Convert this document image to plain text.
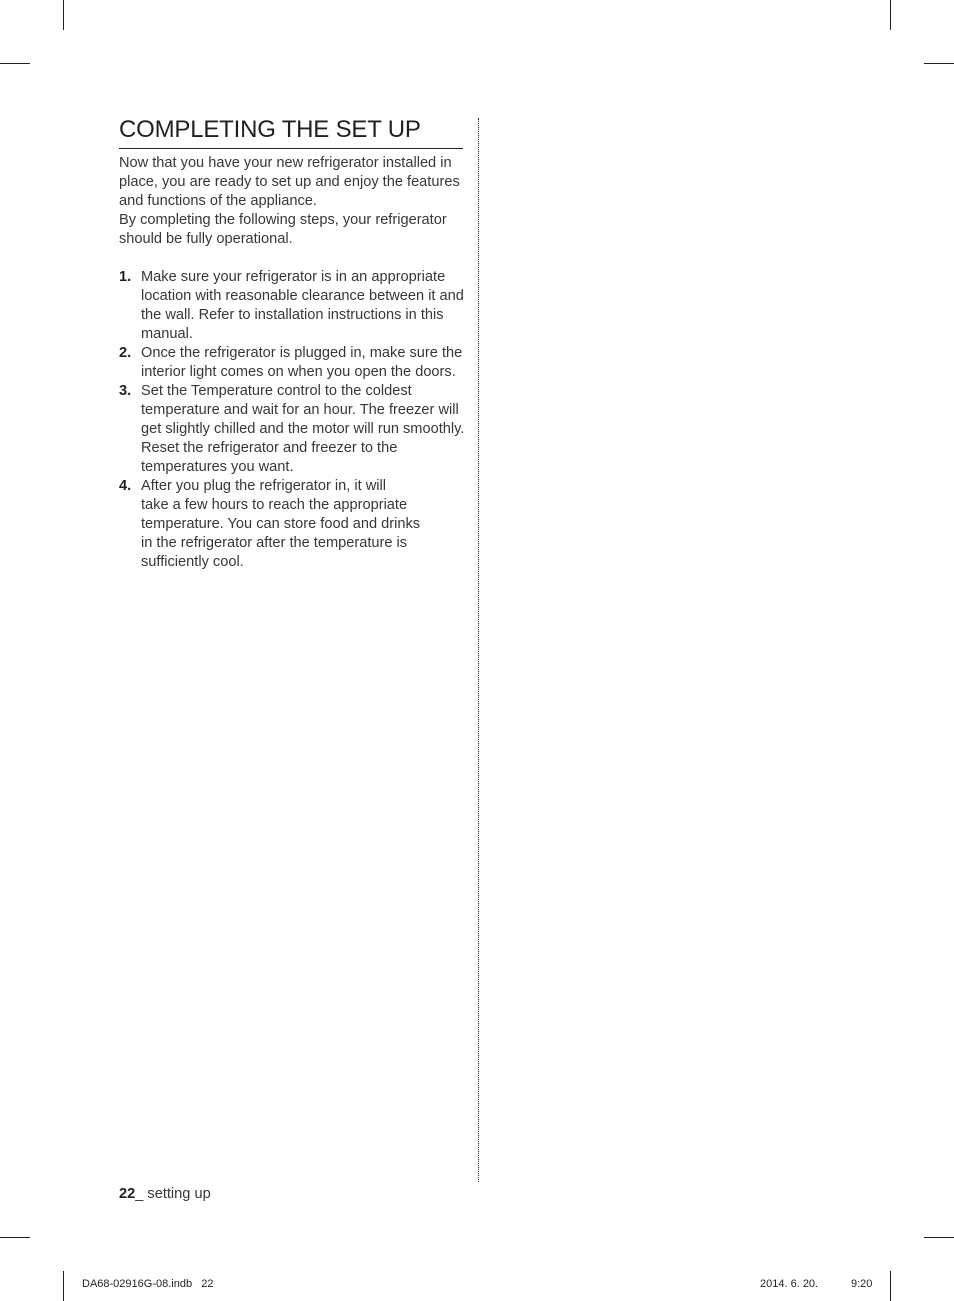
COMPLETING THE SET UP

Now that you have your new refrigerator installed in place, you are ready to set up and enjoy the features and functions of the appliance.

By completing the following steps, your refrigerator should be fully operational.

1. Make sure your refrigerator is in an appropriate location with reasonable clearance between it and the wall. Refer to installation instructions in this manual.
2. Once the refrigerator is plugged in, make sure the interior light comes on when you open the doors.
3. Set the Temperature control to the coldest temperature and wait for an hour. The freezer will get slightly chilled and the motor will run smoothly. Reset the refrigerator and freezer to the temperatures you want.
4. After you plug the refrigerator in, it will
take a few hours to reach the appropriate
temperature. You can store food and drinks
in the refrigerator after the temperature is
sufficiently cool.
22_ setting up
DA68-02916G-08.indb   22	2014. 6. 20.	9:20
